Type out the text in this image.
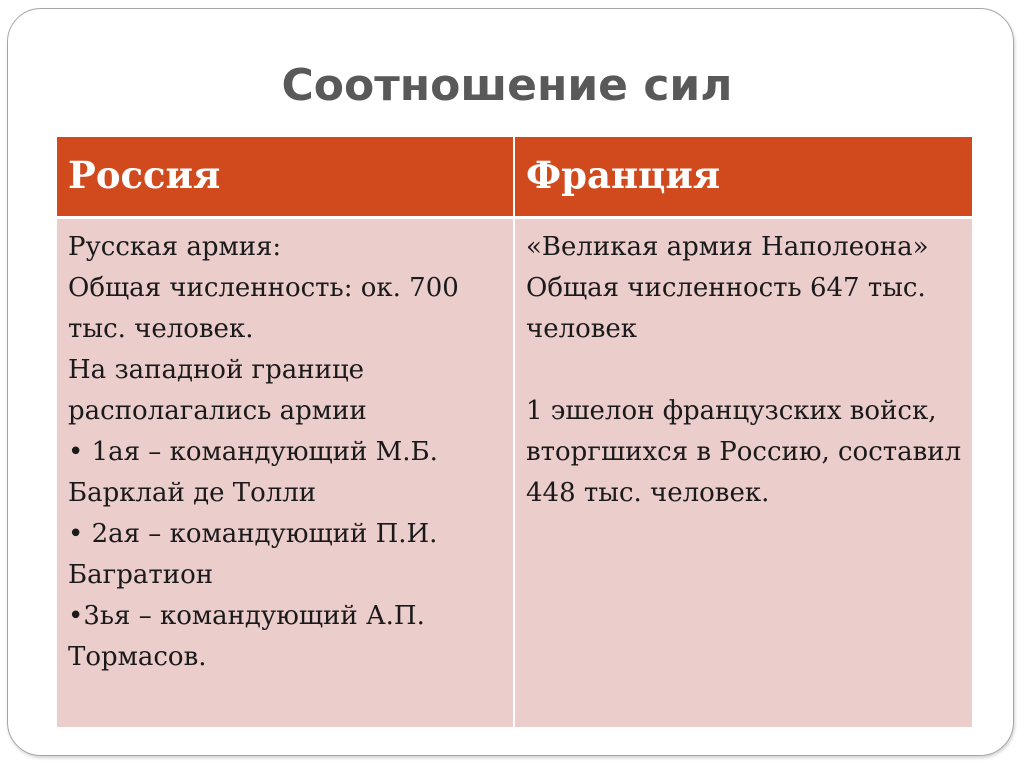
Соотношение сил
Россия	Франция
Русская армия:
Общая численность: ок. 700 тыс. человек.
На западной границе располагались армии
• 1ая – командующий М.Б. Барклай де Толли
• 2ая – командующий П.И. Багратион
•3ья – командующий А.П. Тормасов.
«Великая армия Наполеона»
Общая численность 647 тыс. человек

1 эшелон французских войск, вторгшихся в Россию, составил 448 тыс. человек.
